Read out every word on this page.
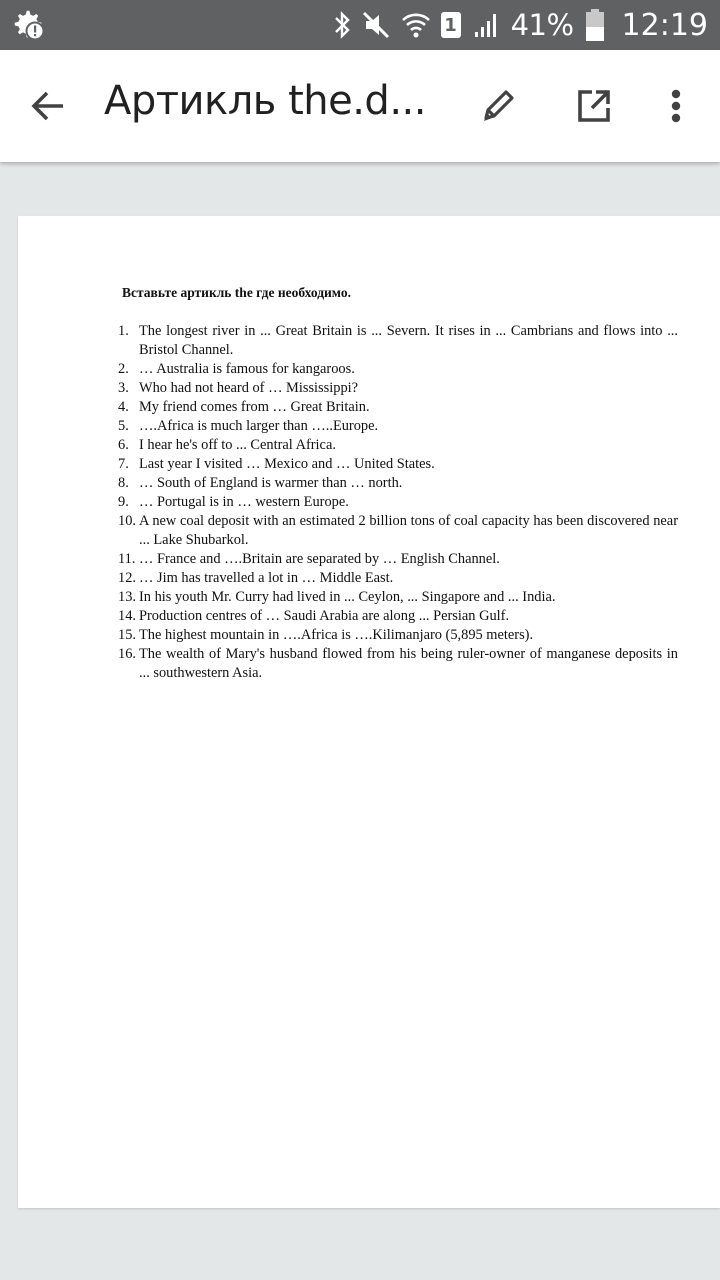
1 41% 12:19
Артикль the.d...
Вставьте артикль the где необходимо.
1. The longest river in ... Great Britain is ... Severn. It rises in ... Cambrians and flows into ... Bristol Channel.
2. … Australia is famous for kangaroos.
3. Who had not heard of … Mississippi?
4. My friend comes from … Great Britain.
5. ….Africa is much larger than …..Europe.
6. I hear he's off to ... Central Africa.
7. Last year I visited … Mexico and … United States.
8. … South of England is warmer than … north.
9. … Portugal is in … western Europe.
10. A new coal deposit with an estimated 2 billion tons of coal capacity has been discovered near ... Lake Shubarkol.
11. … France and ….Britain are separated by … English Channel.
12. … Jim has travelled a lot in … Middle East.
13. In his youth Mr. Curry had lived in ... Ceylon, ... Singapore and ... India.
14. Production centres of … Saudi Arabia are along ... Persian Gulf.
15. The highest mountain in ….Africa is ….Kilimanjaro (5,895 meters).
16. The wealth of Mary's husband flowed from his being ruler-owner of manganese deposits in ... southwestern Asia.
